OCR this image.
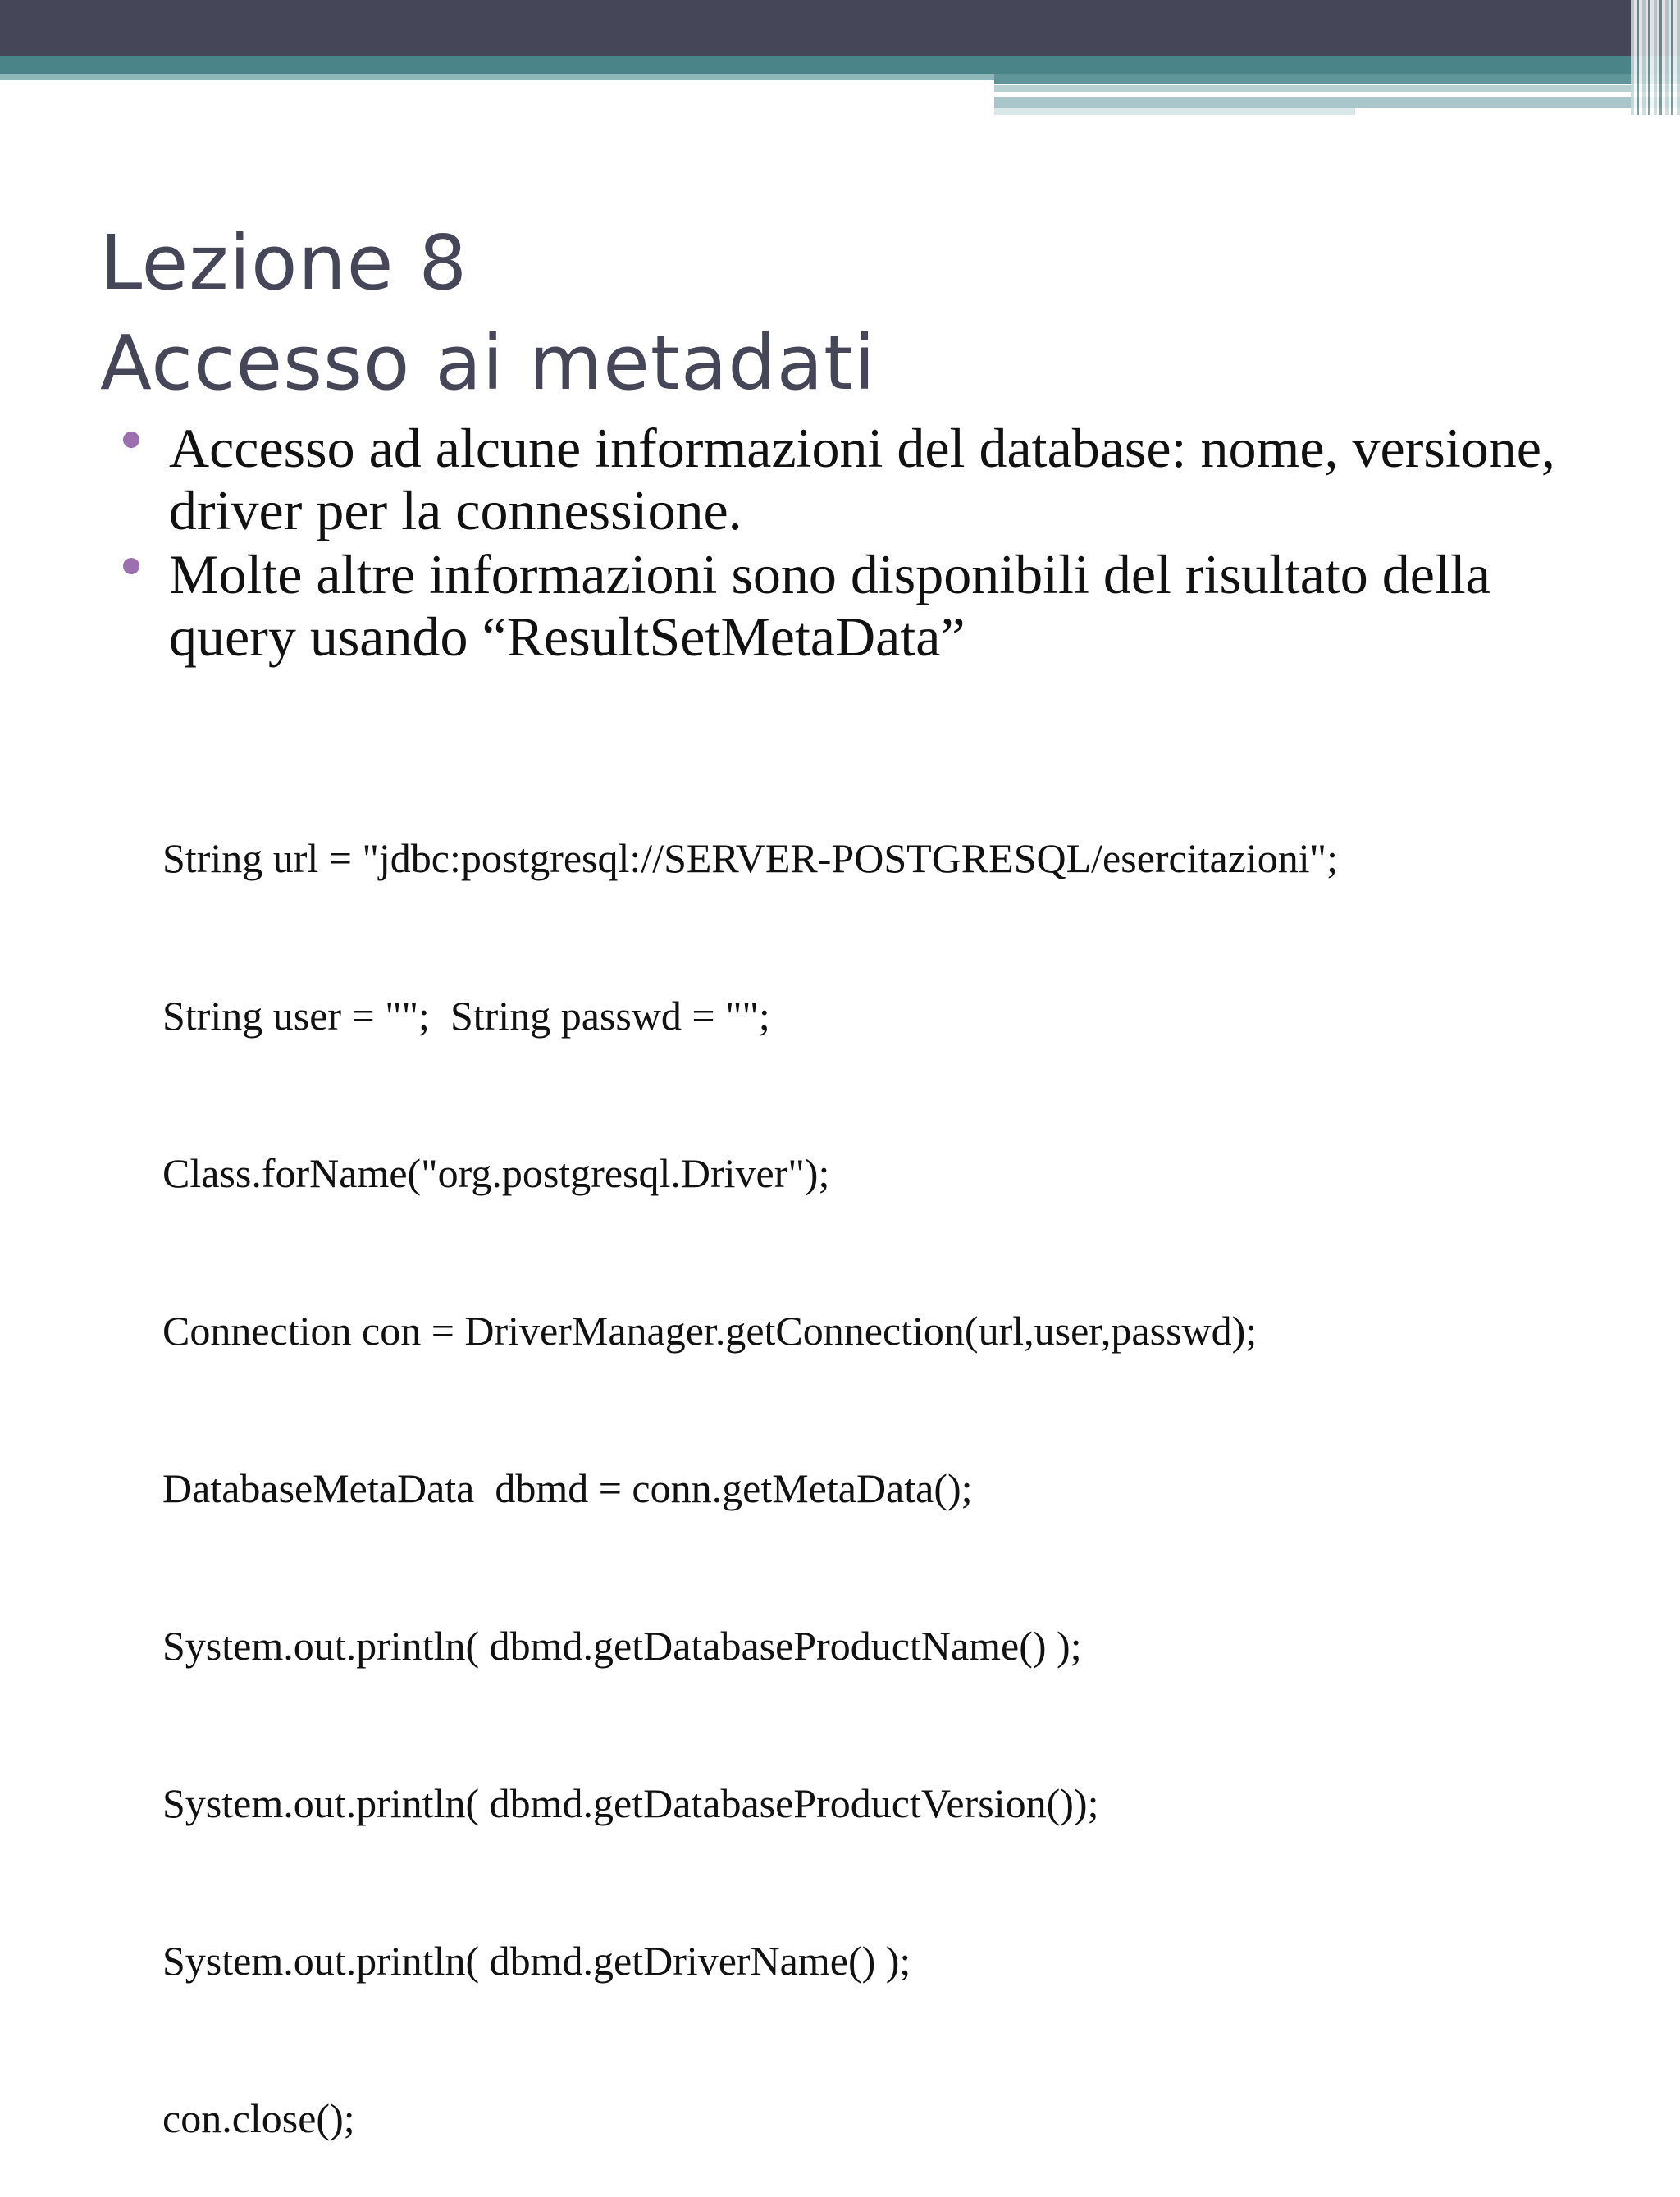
Lezione 8
Accesso ai metadati
Accesso ad alcune informazioni del database: nome, versione, driver per la connessione.
Molte altre informazioni sono disponibili del risultato della query usando “ResultSetMetaData”

String url = "jdbc:postgresql://SERVER-POSTGRESQL/esercitazioni";

String user = "";  String passwd = "";

Class.forName("org.postgresql.Driver");

Connection con = DriverManager.getConnection(url,user,passwd);

DatabaseMetaData  dbmd = conn.getMetaData();

System.out.println( dbmd.getDatabaseProductName() );

System.out.println( dbmd.getDatabaseProductVersion());

System.out.println( dbmd.getDriverName() );

con.close();
